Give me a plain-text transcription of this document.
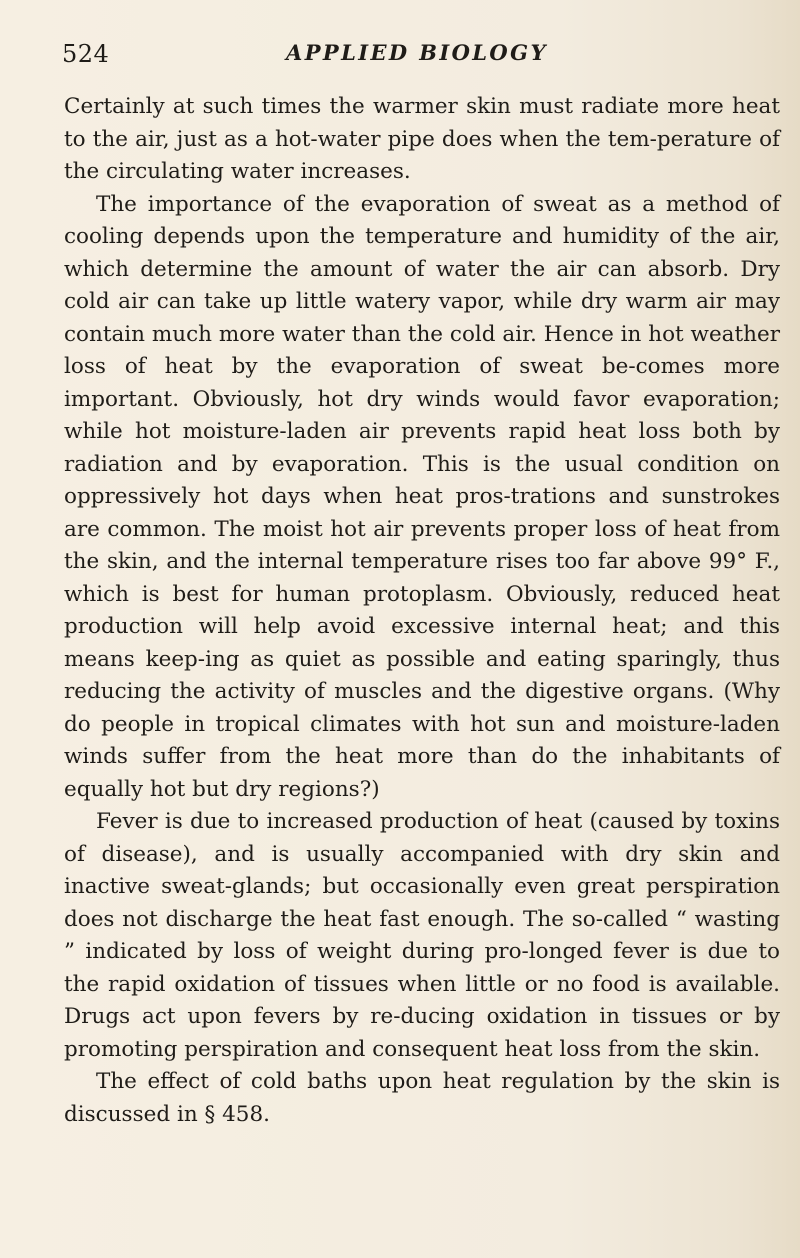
524	APPLIED BIOLOGY

Certainly at such times the warmer skin must radiate more heat to the air, just as a hot-water pipe does when the tem-perature of the circulating water increases.

The importance of the evaporation of sweat as a method of cooling depends upon the temperature and humidity of the air, which determine the amount of water the air can absorb. Dry cold air can take up little watery vapor, while dry warm air may contain much more water than the cold air. Hence in hot weather loss of heat by the evaporation of sweat be-comes more important. Obviously, hot dry winds would favor evaporation; while hot moisture-laden air prevents rapid heat loss both by radiation and by evaporation. This is the usual condition on oppressively hot days when heat pros-trations and sunstrokes are common. The moist hot air prevents proper loss of heat from the skin, and the internal temperature rises too far above 99° F., which is best for human protoplasm. Obviously, reduced heat production will help avoid excessive internal heat; and this means keep-ing as quiet as possible and eating sparingly, thus reducing the activity of muscles and the digestive organs. (Why do people in tropical climates with hot sun and moisture-laden winds suffer from the heat more than do the inhabitants of equally hot but dry regions?)

Fever is due to increased production of heat (caused by toxins of disease), and is usually accompanied with dry skin and inactive sweat-glands; but occasionally even great perspiration does not discharge the heat fast enough. The so-called “ wasting ” indicated by loss of weight during pro-longed fever is due to the rapid oxidation of tissues when little or no food is available. Drugs act upon fevers by re-ducing oxidation in tissues or by promoting perspiration and consequent heat loss from the skin.

The effect of cold baths upon heat regulation by the skin is discussed in § 458.
